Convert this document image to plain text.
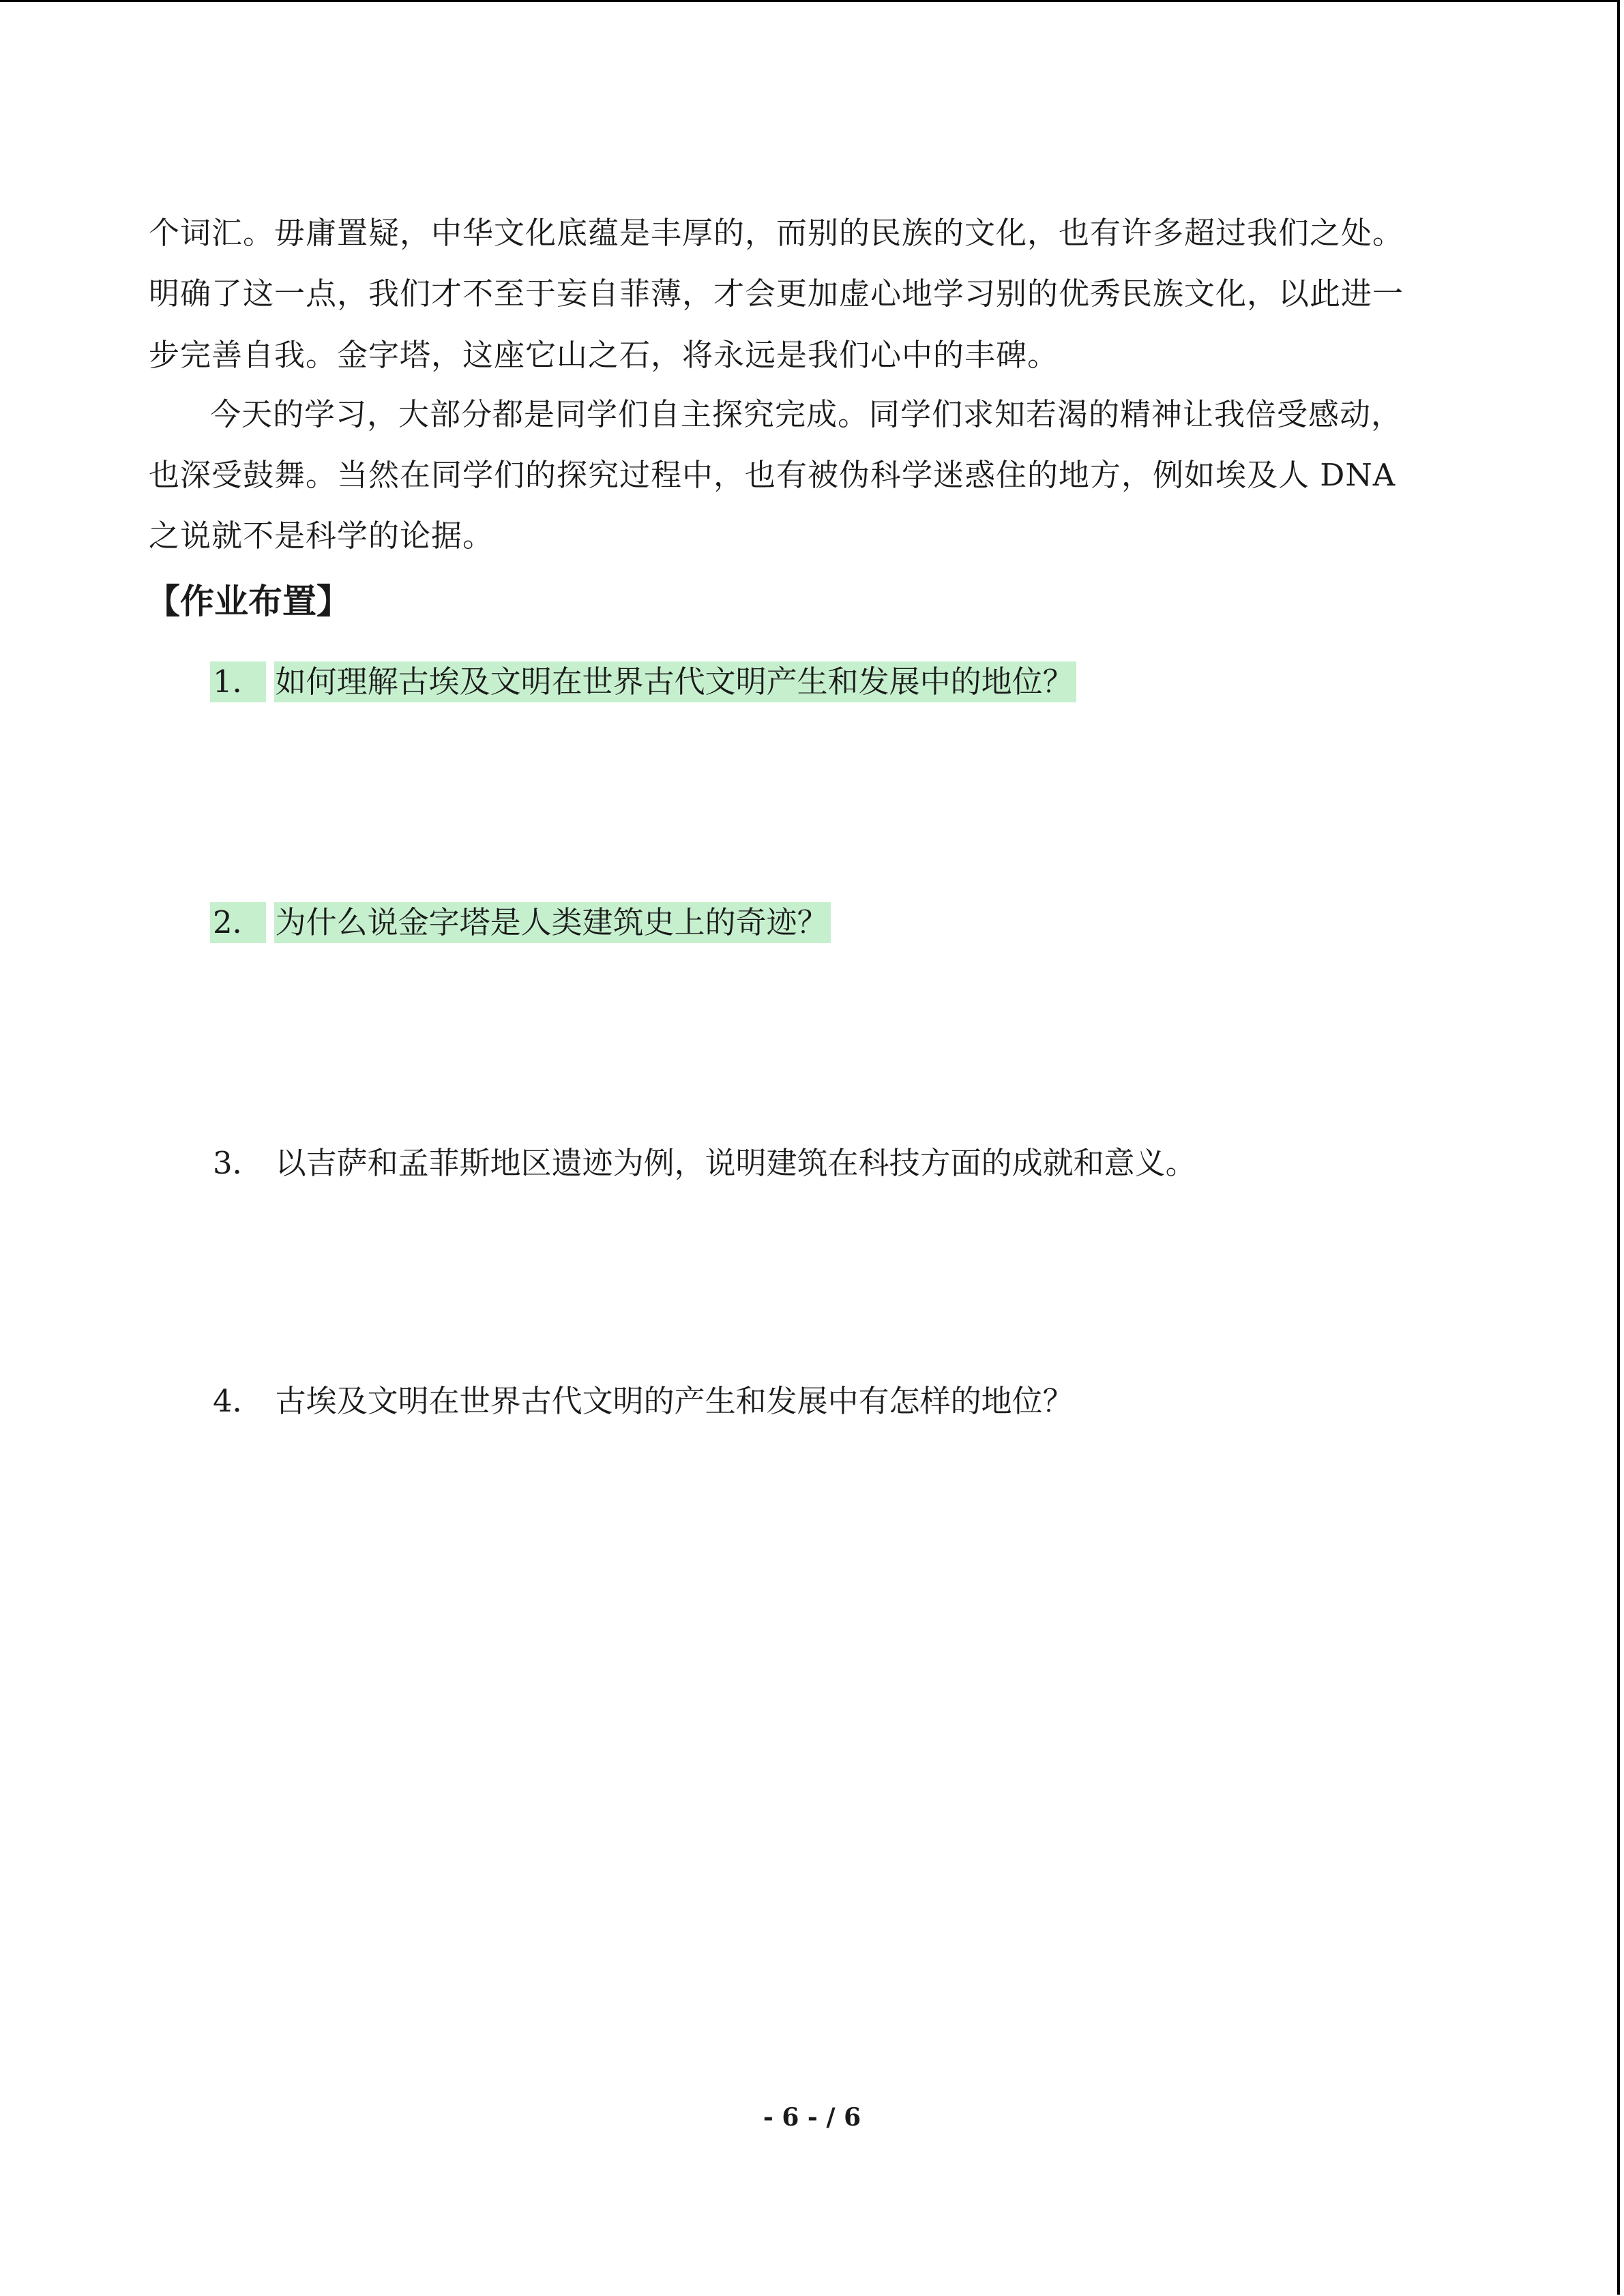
个词汇。毋庸置疑，中华文化底蕴是丰厚的，而别的民族的文化，也有许多超过我们之处。
明确了这一点，我们才不至于妄自菲薄，才会更加虚心地学习别的优秀民族文化，以此进一
步完善自我。金字塔，这座它山之石，将永远是我们心中的丰碑。
今天的学习，大部分都是同学们自主探究完成。同学们求知若渴的精神让我倍受感动，
也深受鼓舞。当然在同学们的探究过程中，也有被伪科学迷惑住的地方，例如埃及人 DNA
之说就不是科学的论据。
【作业布置】
1． 如何理解古埃及文明在世界古代文明产生和发展中的地位？
2． 为什么说金字塔是人类建筑史上的奇迹？
3． 以吉萨和孟菲斯地区遗迹为例，说明建筑在科技方面的成就和意义。
4． 古埃及文明在世界古代文明的产生和发展中有怎样的地位？
- 6 - / 6
